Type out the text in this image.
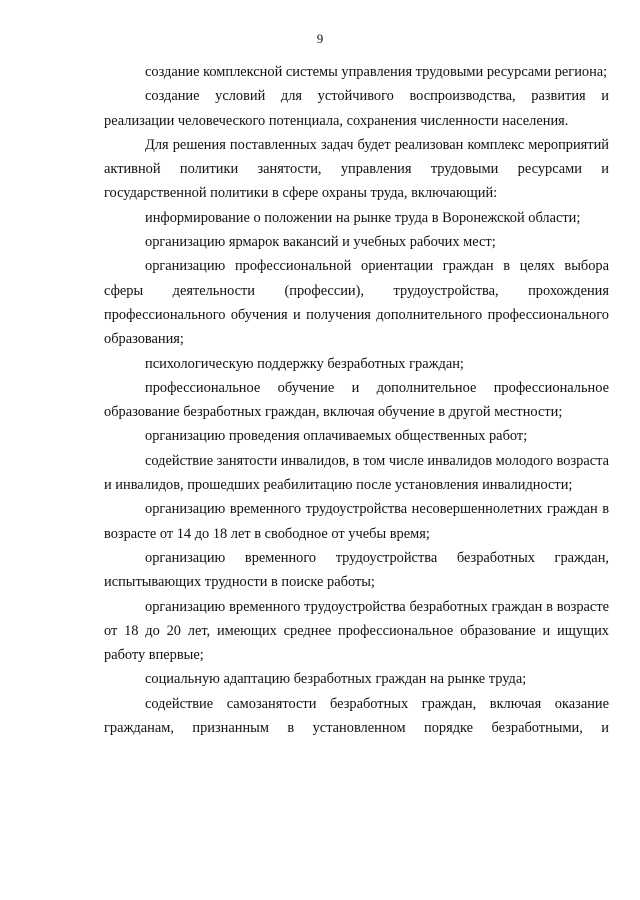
9

создание комплексной системы управления трудовыми ресурсами региона;

создание условий для устойчивого воспроизводства, развития и реализации человеческого потенциала, сохранения численности населения.

Для решения поставленных задач будет реализован комплекс мероприятий активной политики занятости, управления трудовыми ресурсами и государственной политики в сфере охраны труда, включающий:

информирование о положении на рынке труда в Воронежской области;

организацию ярмарок вакансий и учебных рабочих мест;

организацию профессиональной ориентации граждан в целях выбора сферы деятельности (профессии), трудоустройства, прохождения профессионального обучения и получения дополнительного профессионального образования;

психологическую поддержку безработных граждан;

профессиональное обучение и дополнительное профессиональное образование безработных граждан, включая обучение в другой местности;

организацию проведения оплачиваемых общественных работ;

содействие занятости инвалидов, в том числе инвалидов молодого возраста и инвалидов, прошедших реабилитацию после установления инвалидности;

организацию временного трудоустройства несовершеннолетних граждан в возрасте от 14 до 18 лет в свободное от учебы время;

организацию временного трудоустройства безработных граждан, испытывающих трудности в поиске работы;

организацию временного трудоустройства безработных граждан в возрасте от 18 до 20 лет, имеющих среднее профессиональное образование и ищущих работу впервые;

социальную адаптацию безработных граждан на рынке труда;

содействие самозанятости безработных граждан, включая оказание гражданам, признанным в установленном порядке безработными, и
